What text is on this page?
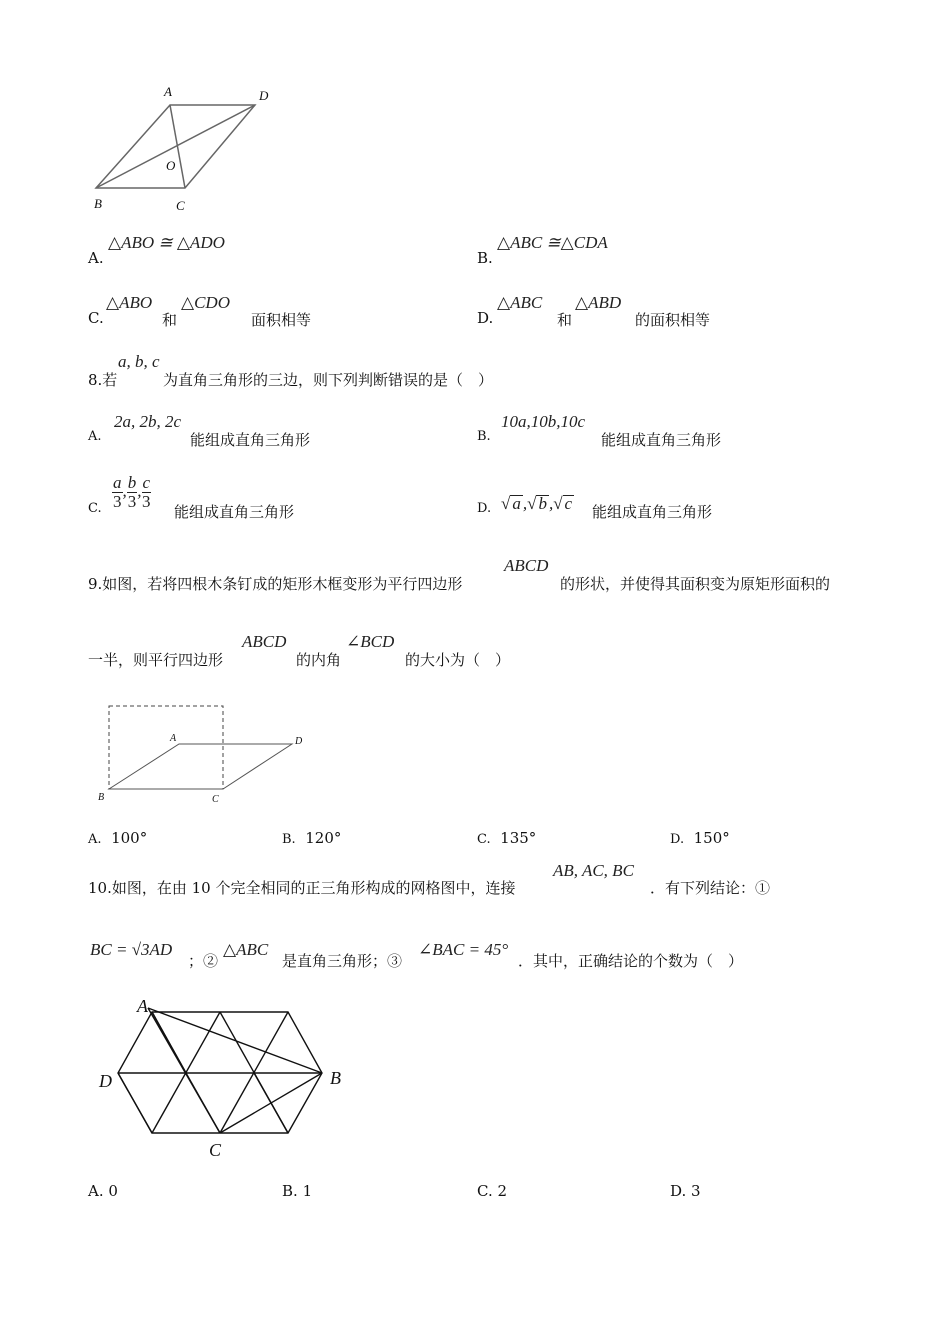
A	D
O
B	C
A.
△ABO ≅ △ADO
B.
△ABC ≅△CDA
C.
△ABO
和
△CDO
面积相等	D.
△ABC
和
△ABD
的面积相等
8.若
a, b, c
为直角三角形的三边，则下列判断错误的是（　）
A.
2a, 2b, 2c
能组成直角三角形	B.
10a,10b,10c
能组成直角三角形
C. $\frac{a}{3}$ , $\frac{b}{3}$ , $\frac{c}{3}$
能组成直角三角形	D. √ a ,√ b ,√ c 能组成直角三角形
9.如图，若将四根木条钉成的矩形木框变形为平行四边形
ABCD
的形状，并使得其面积变为原矩形面积的
一半，则平行四边形
ABCD
的内角
∠BCD
的大小为（　）
A	D
B	C
A. 100°	B. 120°	C. 135°	D. 150°
10.如图，在由 10 个完全相同的正三角形构成的网格图中，连接
AB, AC, BC
．有下列结论：①
BC = √3AD
；②
△ABC
是直角三角形；③
∠BAC = 45°
．其中，正确结论的个数为（　）
A
D	B
C
A. 0	B. 1	C. 2	D. 3
